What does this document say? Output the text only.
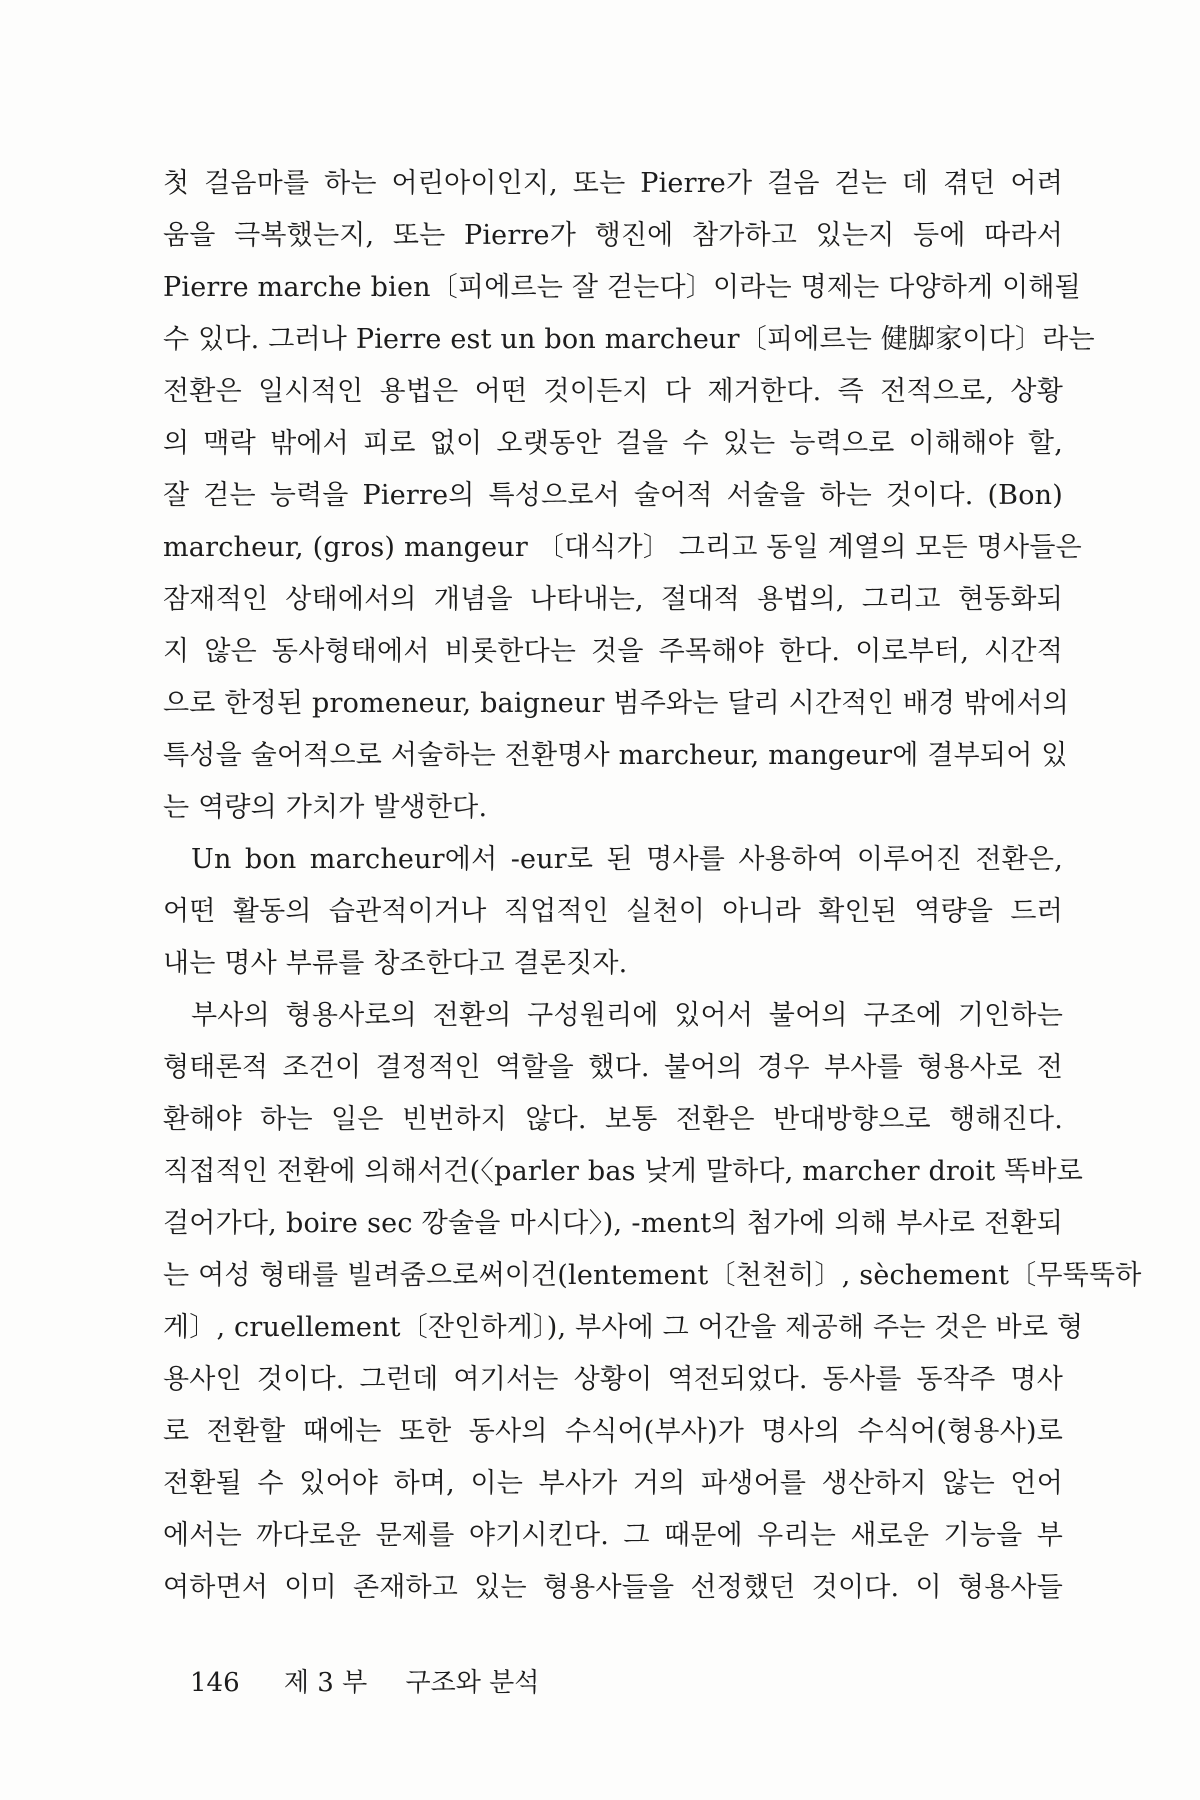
첫 걸음마를 하는 어린아이인지, 또는 Pierre가 걸음 걷는 데 겪던 어려
움을 극복했는지, 또는 Pierre가 행진에 참가하고 있는지 등에 따라서
Pierre marche bien〔피에르는 잘 걷는다〕이라는 명제는 다양하게 이해될
수 있다. 그러나 Pierre est un bon marcheur〔피에르는 健脚家이다〕라는
전환은 일시적인 용법은 어떤 것이든지 다 제거한다. 즉 전적으로, 상황
의 맥락 밖에서 피로 없이 오랫동안 걸을 수 있는 능력으로 이해해야 할,
잘 걷는 능력을 Pierre의 특성으로서 술어적 서술을 하는 것이다. (Bon)
marcheur, (gros) mangeur 〔대식가〕 그리고 동일 계열의 모든 명사들은
잠재적인 상태에서의 개념을 나타내는, 절대적 용법의, 그리고 현동화되
지 않은 동사형태에서 비롯한다는 것을 주목해야 한다. 이로부터, 시간적
으로 한정된 promeneur, baigneur 범주와는 달리 시간적인 배경 밖에서의
특성을 술어적으로 서술하는 전환명사 marcheur, mangeur에 결부되어 있
는 역량의 가치가 발생한다.
Un bon marcheur에서 -eur로 된 명사를 사용하여 이루어진 전환은,
어떤 활동의 습관적이거나 직업적인 실천이 아니라 확인된 역량을 드러
내는 명사 부류를 창조한다고 결론짓자.
부사의 형용사로의 전환의 구성원리에 있어서 불어의 구조에 기인하는
형태론적 조건이 결정적인 역할을 했다. 불어의 경우 부사를 형용사로 전
환해야 하는 일은 빈번하지 않다. 보통 전환은 반대방향으로 행해진다.
직접적인 전환에 의해서건(〈parler bas 낮게 말하다, marcher droit 똑바로
걸어가다, boire sec 깡술을 마시다〉), -ment의 첨가에 의해 부사로 전환되
는 여성 형태를 빌려줌으로써이건(lentement〔천천히〕, sèchement〔무뚝뚝하
게〕, cruellement〔잔인하게〕), 부사에 그 어간을 제공해 주는 것은 바로 형
용사인 것이다. 그런데 여기서는 상황이 역전되었다. 동사를 동작주 명사
로 전환할 때에는 또한 동사의 수식어(부사)가 명사의 수식어(형용사)로
전환될 수 있어야 하며, 이는 부사가 거의 파생어를 생산하지 않는 언어
에서는 까다로운 문제를 야기시킨다. 그 때문에 우리는 새로운 기능을 부
여하면서 이미 존재하고 있는 형용사들을 선정했던 것이다. 이 형용사들
146 제 3 부 구조와 분석
